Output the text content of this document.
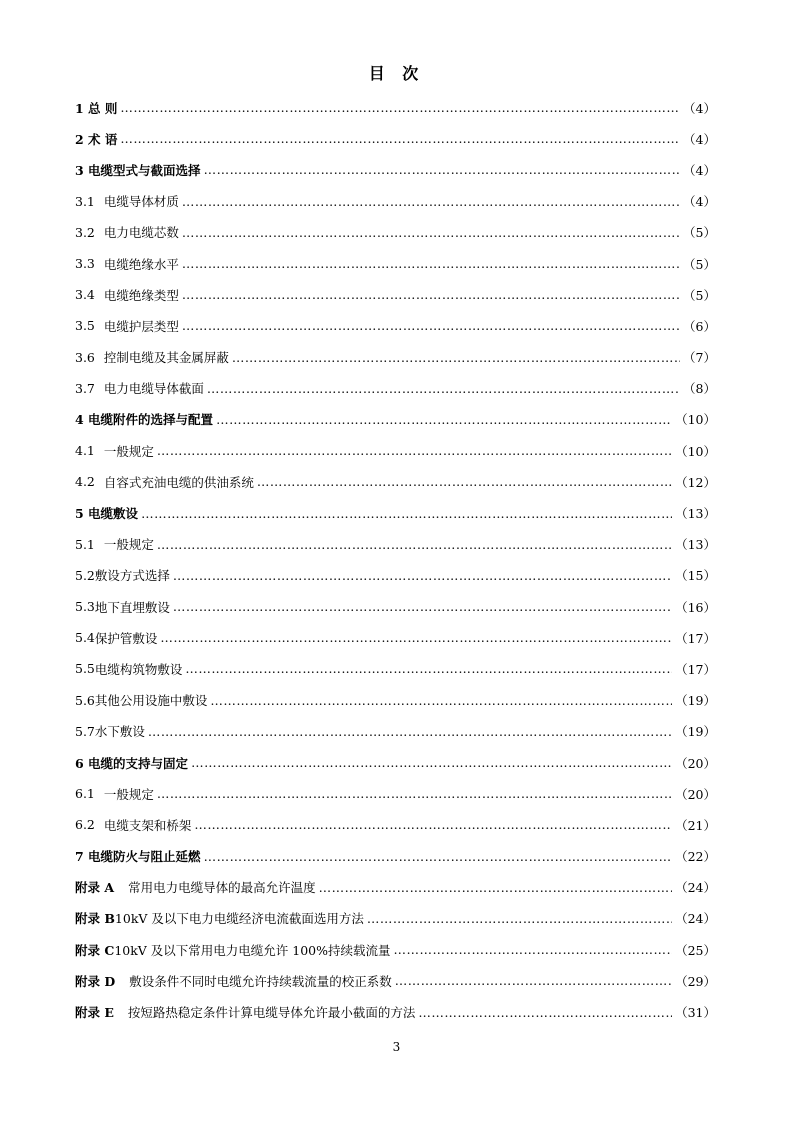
目 次
1 总 则 …………………………………………………………………………………………………………………………………………………………………………………………………………………………………………	（4）
2 术 语 …………………………………………………………………………………………………………………………………………………………………………………………………………………………………………	（4）
3 电缆型式与截面选择 …………………………………………………………………………………………………………………………………………………………………………………………………………………………………………	（4）
3.1 电缆导体材质 …………………………………………………………………………………………………………………………………………………………………………………………………………………………………………	（4）
3.2 电力电缆芯数 …………………………………………………………………………………………………………………………………………………………………………………………………………………………………………	（5）
3.3 电缆绝缘水平 …………………………………………………………………………………………………………………………………………………………………………………………………………………………………………	（5）
3.4 电缆绝缘类型 …………………………………………………………………………………………………………………………………………………………………………………………………………………………………………	（5）
3.5 电缆护层类型 …………………………………………………………………………………………………………………………………………………………………………………………………………………………………………	（6）
3.6 控制电缆及其金属屏蔽 …………………………………………………………………………………………………………………………………………………………………………………………………………………………………………	（7）
3.7 电力电缆导体截面 …………………………………………………………………………………………………………………………………………………………………………………………………………………………………………	（8）
4 电缆附件的选择与配置 …………………………………………………………………………………………………………………………………………………………………………………………………………………………………………	（10）
4.1 一般规定 …………………………………………………………………………………………………………………………………………………………………………………………………………………………………………	（10）
4.2 自容式充油电缆的供油系统 …………………………………………………………………………………………………………………………………………………………………………………………………………………………………………	（12）
5 电缆敷设 …………………………………………………………………………………………………………………………………………………………………………………………………………………………………………	（13）
5.1 一般规定 …………………………………………………………………………………………………………………………………………………………………………………………………………………………………………	（13）
5.2 敷设方式选择 …………………………………………………………………………………………………………………………………………………………………………………………………………………………………………	（15）
5.3 地下直埋敷设 …………………………………………………………………………………………………………………………………………………………………………………………………………………………………………	（16）
5.4 保护管敷设 …………………………………………………………………………………………………………………………………………………………………………………………………………………………………………	（17）
5.5 电缆构筑物敷设 …………………………………………………………………………………………………………………………………………………………………………………………………………………………………………	（17）
5.6 其他公用设施中敷设 …………………………………………………………………………………………………………………………………………………………………………………………………………………………………………	（19）
5.7 水下敷设 …………………………………………………………………………………………………………………………………………………………………………………………………………………………………………	（19）
6 电缆的支持与固定 …………………………………………………………………………………………………………………………………………………………………………………………………………………………………………	（20）
6.1 一般规定 …………………………………………………………………………………………………………………………………………………………………………………………………………………………………………	（20）
6.2 电缆支架和桥架 …………………………………………………………………………………………………………………………………………………………………………………………………………………………………………	（21）
7 电缆防火与阻止延燃 …………………………………………………………………………………………………………………………………………………………………………………………………………………………………………	（22）
附录 A 常用电力电缆导体的最高允许温度 …………………………………………………………………………………………………………………………………………………………………………………………………………………………………………	（24）
附录 B 10kV 及以下电力电缆经济电流截面选用方法 …………………………………………………………………………………………………………………………………………………………………………………………………………………………………………	（24）
附录 C 10kV 及以下常用电力电缆允许 100%持续载流量 …………………………………………………………………………………………………………………………………………………………………………………………………………………………………………	（25）
附录 D 敷设条件不同时电缆允许持续载流量的校正系数 …………………………………………………………………………………………………………………………………………………………………………………………………………………………………………	（29）
附录 E 按短路热稳定条件计算电缆导体允许最小截面的方法 …………………………………………………………………………………………………………………………………………………………………………………………………………………………………………	（31）
3
